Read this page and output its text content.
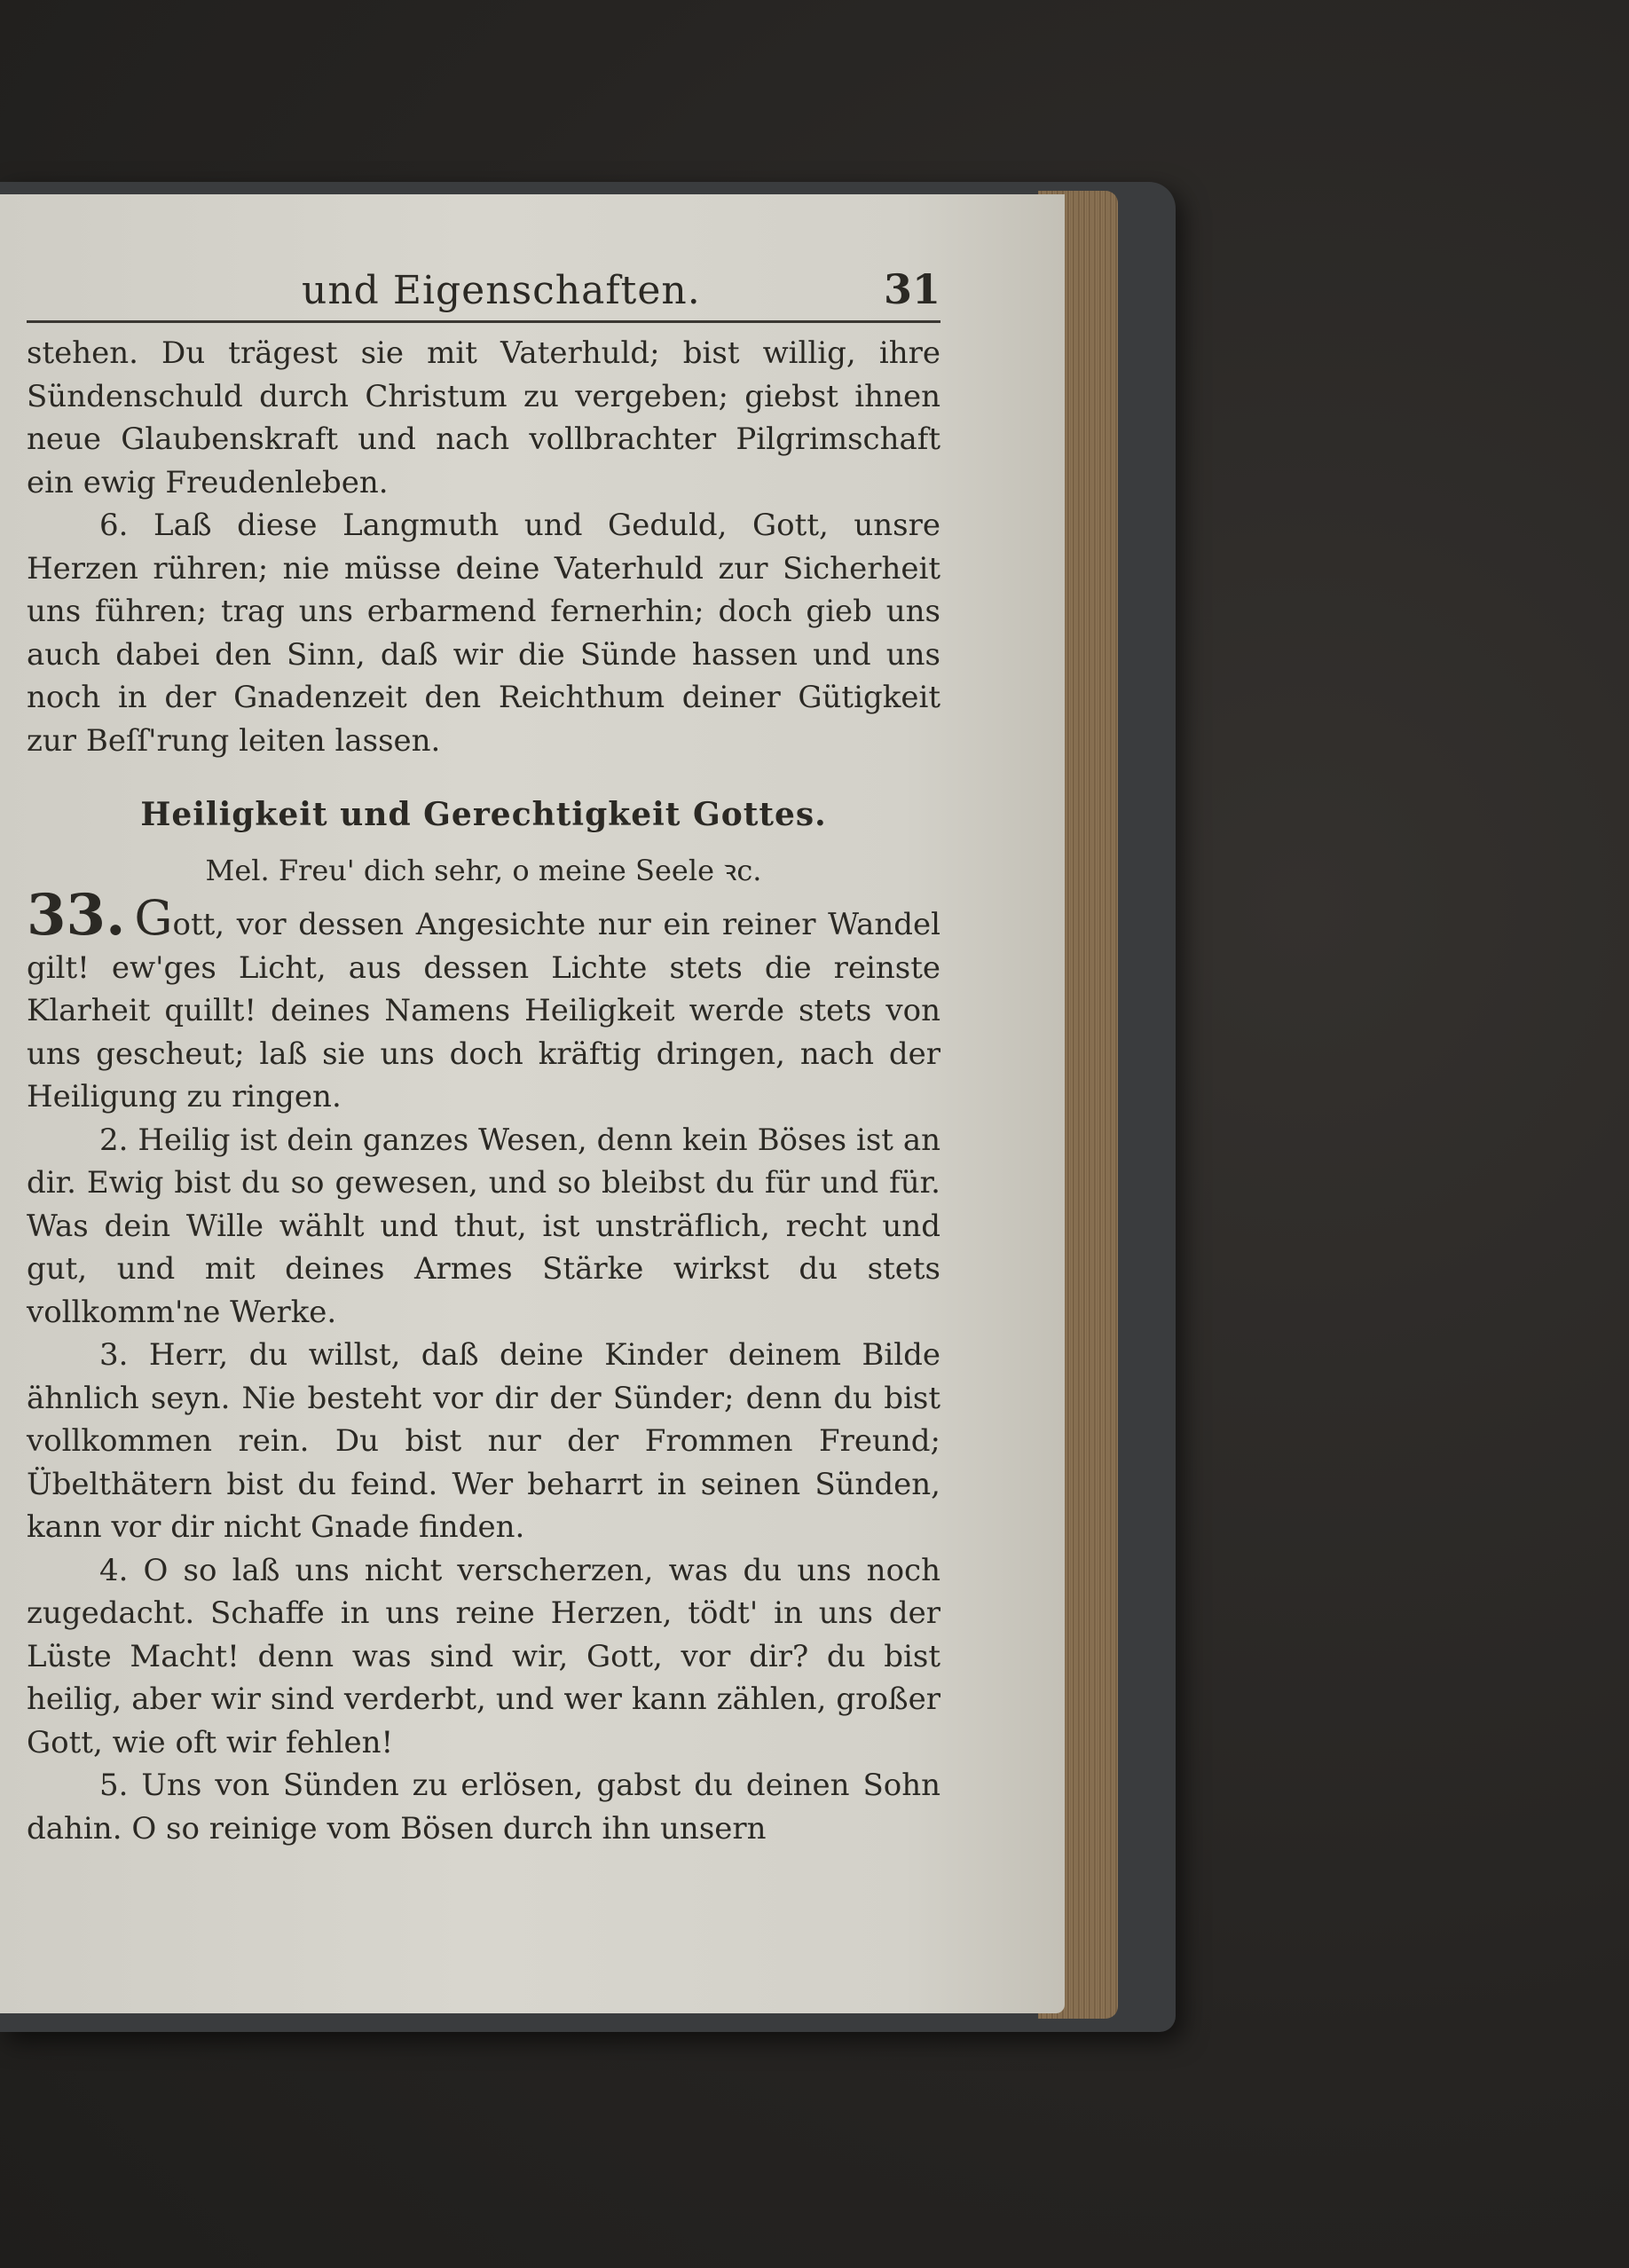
und Eigenschaften.	31

stehen. Du trägest sie mit Vaterhuld; bist willig, ihre Sündenschuld durch Christum zu vergeben; giebst ihnen neue Glaubenskraft und nach vollbrachter Pilgrimschaft ein ewig Freudenleben.

6. Laß diese Langmuth und Geduld, Gott, unsre Herzen rühren; nie müsse deine Vaterhuld zur Sicherheit uns führen; trag uns erbarmend fernerhin; doch gieb uns auch dabei den Sinn, daß wir die Sünde hassen und uns noch in der Gnadenzeit den Reichthum deiner Gütigkeit zur Beſſ'rung leiten lassen.

Heiligkeit und Gerechtigkeit Gottes.
Mel. Freu' dich sehr, o meine Seele ꝛc.

33. Gott, vor dessen Angesichte nur ein reiner Wandel gilt! ew'ges Licht, aus dessen Lichte stets die reinste Klarheit quillt! deines Namens Heiligkeit werde stets von uns gescheut; laß sie uns doch kräftig dringen, nach der Heiligung zu ringen.

2. Heilig ist dein ganzes Wesen, denn kein Böses ist an dir. Ewig bist du so gewesen, und so bleibst du für und für. Was dein Wille wählt und thut, ist unsträflich, recht und gut, und mit deines Armes Stärke wirkst du stets vollkomm'ne Werke.

3. Herr, du willst, daß deine Kinder deinem Bilde ähnlich seyn. Nie besteht vor dir der Sünder; denn du bist vollkommen rein. Du bist nur der Frommen Freund; Übelthätern bist du feind. Wer beharrt in seinen Sünden, kann vor dir nicht Gnade finden.

4. O so laß uns nicht verscherzen, was du uns noch zugedacht. Schaffe in uns reine Herzen, tödt' in uns der Lüste Macht! denn was sind wir, Gott, vor dir? du bist heilig, aber wir sind verderbt, und wer kann zählen, großer Gott, wie oft wir fehlen!

5. Uns von Sünden zu erlösen, gabst du deinen Sohn dahin. O so reinige vom Bösen durch ihn unsern
